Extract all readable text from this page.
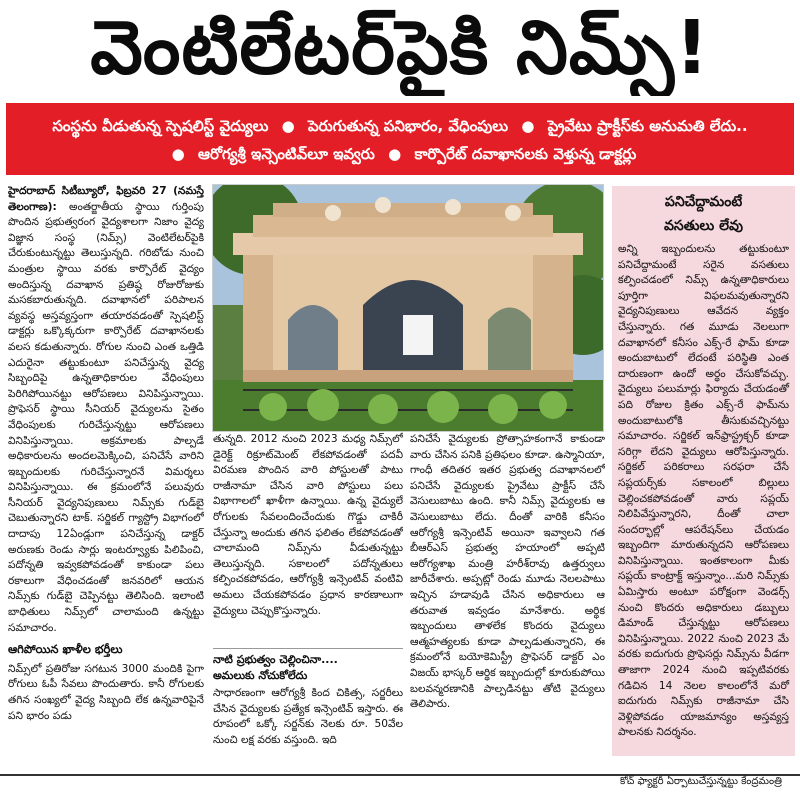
వెంటిలేటర్‌పైకి నిమ్స్‌!
సంస్థను వీడుతున్న స్పెషలిస్ట్‌ వైద్యులు ● పెరుగుతున్న పనిభారం, వేధింపులు ● ప్రైవేటు ప్రాక్టీస్‌కు అనుమతి లేదు..
● ఆరోగ్యశ్రీ ఇన్సెంటివ్‌లూ ఇవ్వరు ● కార్పొరేట్‌ దవాఖానలకు వెళ్తున్న డాక్టర్లు

హైదరాబాద్‌ సిటీబ్యూరో, ఫిబ్రవరి 27 (నమస్తే తెలంగాణ): అంతర్జాతీయ స్థాయి గుర్తింపు పొందిన ప్రభుత్వరంగ వైద్యశాలగా నిజాం వైద్య విజ్ఞాన సంస్థ (నిమ్స్‌) వెంటిలేటర్‌పైకి చేరుకుంటున్నట్టు తెలుస్తున్నది. గరిబోడు నుంచి మంత్రుల స్థాయి వరకు కార్పొరేట్‌ వైద్యం అందిస్తున్న దవాఖాన ప్రతిష్ఠ రోజురోజుకు మసకబారుతున్నది. దవాఖానలో పరిపాలన వ్యవస్థ అస్తవ్యస్తంగా తయారవడంతో స్పెషలిస్ట్‌ డాక్టర్లు ఒక్కొక్కరుగా కార్పొరేట్‌ దవాఖానలకు వలస కడుతున్నారు. రోగుల నుంచి ఎంత ఒత్తిడి ఎదురైనా తట్టుకుంటూ పనిచేస్తున్న వైద్య సిబ్బందిపై ఉన్నతాధికారుల వేధింపులు పెరిగిపోయినట్టు ఆరోపణలు వినిపిస్తున్నాయి. ప్రొఫెసర్‌ స్థాయి సీనియర్‌ వైద్యులను సైతం వేధింపులకు గురిచేస్తున్నట్టు ఆరోపణలు వినిపిస్తున్నాయి. అక్రమాలకు పాల్పడే అధికారులను అందలమెక్కించి, పనిచేసే వారిని ఇబ్బందులకు గురిచేస్తున్నారనే విమర్శలు వినిపిస్తున్నాయి. ఈ క్రమంలోనే పలువురు సీనియర్‌ వైద్యనిపుణులు నిమ్స్‌కు గుడ్‌బై చెబుతున్నారని టాక్‌. సర్జికల్‌ గ్యాస్ట్రో విభాగంలో దాదాపు 12ఏండ్లుగా పనిచేస్తున్న డాక్టర్‌ అరుణకు రెండు సార్లు ఇంటర్వ్యూకు పిలిపించి, పదోన్నతి ఇవ్వకపోవడంతో కాకుండా పలు రకాలుగా వేధించడంతో జనవరిలో ఆయన నిమ్స్‌కు గుడ్‌బై చెప్పినట్టు తెలిసింది. ఇలాంటి బాధితులు నిమ్స్‌లో చాలామంది ఉన్నట్టు సమాచారం.

ఆగిపోయిన ఖాళీల భర్తీలు

నిమ్స్‌లో ప్రతిరోజు సగటున 3000 మందికి పైగా రోగులు ఓపీ సేవలు పొందుతారు. కానీ రోగులకు తగిన సంఖ్యలో వైద్య సిబ్బంది లేక ఉన్నవారిపైనే పని భారం పడు

తున్నది. 2012 నుంచి 2023 మధ్య నిమ్స్‌లో డైరెక్ట్‌ రిక్రూట్‌మెంట్‌ లేకపోవడంతో పదవీ విరమణ పొందిన వారి పోస్టులతో పాటు రాజీనామా చేసిన వారి పోస్టులు పలు విభాగాలలో ఖాళీగా ఉన్నాయి. ఉన్న వైద్యులే రోగులకు సేవలందించేందుకు గొడ్డు చాకిరీ చేస్తున్నా అందుకు తగిన ఫలితం లేకపోవడంతో చాలామంది నిమ్స్‌ను వీడుతున్నట్టు తెలుస్తున్నది. సకాలంలో పదోన్నతులు కల్పించకపోవడం, ఆరోగ్యశ్రీ ఇన్సెంటివ్‌ వంటివి అమలు చేయకపోవడం ప్రధాన కారణాలుగా వైద్యులు చెప్పుకొస్తున్నారు.

నాటి ప్రభుత్వం చెల్లించినా....
అమలుకు నోచుకోలేదు

సాధారణంగా ఆరోగ్యశ్రీ కింద చికిత్స, సర్జరీలు చేసిన వైద్యులకు ప్రత్యేక ఇన్సెంటివ్‌ ఇస్తారు. ఈ రూపంలో ఒక్కో సర్జన్‌కు నెలకు రూ. 50వేల నుంచి లక్ష వరకు వస్తుంది. ఇది

పనిచేసే వైద్యులకు ప్రోత్సాహకంగానే కాకుండా వారు చేసిన పనికి ప్రతిఫలం కూడా. ఉస్మానియా, గాంధీ తదితర ఇతర ప్రభుత్వ దవాఖానలలో పనిచేసే వైద్యులకు ప్రైవేటు ప్రాక్టీస్‌ చేసే వెసులుబాటు ఉంది. కానీ నిమ్స్‌ వైద్యులకు ఆ వెసులుబాటు లేదు. దీంతో వారికి కనీసం ఆరోగ్యశ్రీ ఇన్సెంటివ్‌ అయినా ఇవ్వాలని గత బీఆర్‌ఎస్‌ ప్రభుత్వ హయాంలో అప్పటి ఆరోగ్యశాఖ మంత్రి హరీశ్‌రావు ఉత్తర్వులు జారీచేశారు. అప్పట్లో రెండు మూడు నెలలపాటు ఇచ్చిన హడావుడి చేసిన అధికారులు ఆ తరువాత ఇవ్వడం మానేశారు. అర్థిక ఇబ్బందులు తాళలేక కొందరు వైద్యులు ఆత్మహత్యలకు కూడా పాల్పడుతున్నారని, ఈ క్రమంలోనే బయోకెమిస్ట్రీ ప్రొఫెసర్‌ డాక్టర్‌ ఎం విజయ్‌ భాస్కర్‌ ఆర్థిక ఇబ్బందుల్లో కూరుకుపోయి బలవన్మరణానికి పాల్పడినట్టు తోటి వైద్యులు తెలిపారు.

పనిచేద్దామంటే
వసతులు లేవు
అన్ని ఇబ్బందులను తట్టుకుంటూ పనిచేద్దామంటే సరైన వసతులు కల్పించడంలో నిమ్స్‌ ఉన్నతాధికారులు పూర్తిగా విఫలమవుతున్నారని వైద్యనిపుణులు ఆవేదన వ్యక్తం చేస్తున్నారు. గత మూడు నెలలుగా దవాఖానలో కనీసం ఎక్స్‌-రే ఫామ్‌ కూడా అందుబాటులో లేదంటే పరిస్థితి ఎంత దారుణంగా ఉందో అర్థం చేసుకోవచ్చు. వైద్యులు పలుమార్లు ఫిర్యాదు చేయడంతో పది రోజుల క్రితం ఎక్స్‌-రే ఫామ్‌ను అందుబాటులోకి తీసుకువచ్చినట్టు సమాచారం. సర్జికల్‌ ఇన్‌ఫ్రాస్ట్రక్చర్‌ కూడా సరిగ్గా లేదని వైద్యులు ఆరోపిస్తున్నారు. సర్జికల్‌ పరికరాలు సరఫరా చేసే సప్లయర్స్‌కు సకాలంలో బిల్లులు చెల్లించకపోవడంతో వారు సప్లయ్‌ నిలిపివేస్తున్నారని, దీంతో చాలా సందర్భాల్లో ఆపరేషన్‌లు చేయడం ఇబ్బందిగా మారుతున్నదని ఆరోపణలు వినిపిస్తున్నాయి. ఇంతకాలంగా మీకు సప్లయ్‌ కాంట్రాక్ట్‌ ఇస్తున్నాం...మరి నిమ్స్‌కు ఏమిస్తారు అంటూ పరోక్షంగా వెండర్స్‌ నుంచి కొందరు అధికారులు డబ్బులు డిమాండ్‌ చేస్తున్నట్టు ఆరోపణలు వినిపిస్తున్నాయి. 2022 నుంచి 2023 మే వరకు ఐదుగురు ప్రొఫెసర్లు నిమ్స్‌ను వీడగా తాజాగా 2024 నుంచి ఇప్పటివరకు గడిచిన 14 నెలల కాలంలోనే మరో ఐదుగురు నిమ్స్‌కు రాజీనామా చేసి వెళ్లిపోవడం యాజమాన్యం అస్తవ్యస్త పాలనకు నిదర్శనం.
కోచ్‌ ఫ్యాక్టరీ ఏర్పాటుచేస్తున్నట్టు కేంద్రమంత్రి
